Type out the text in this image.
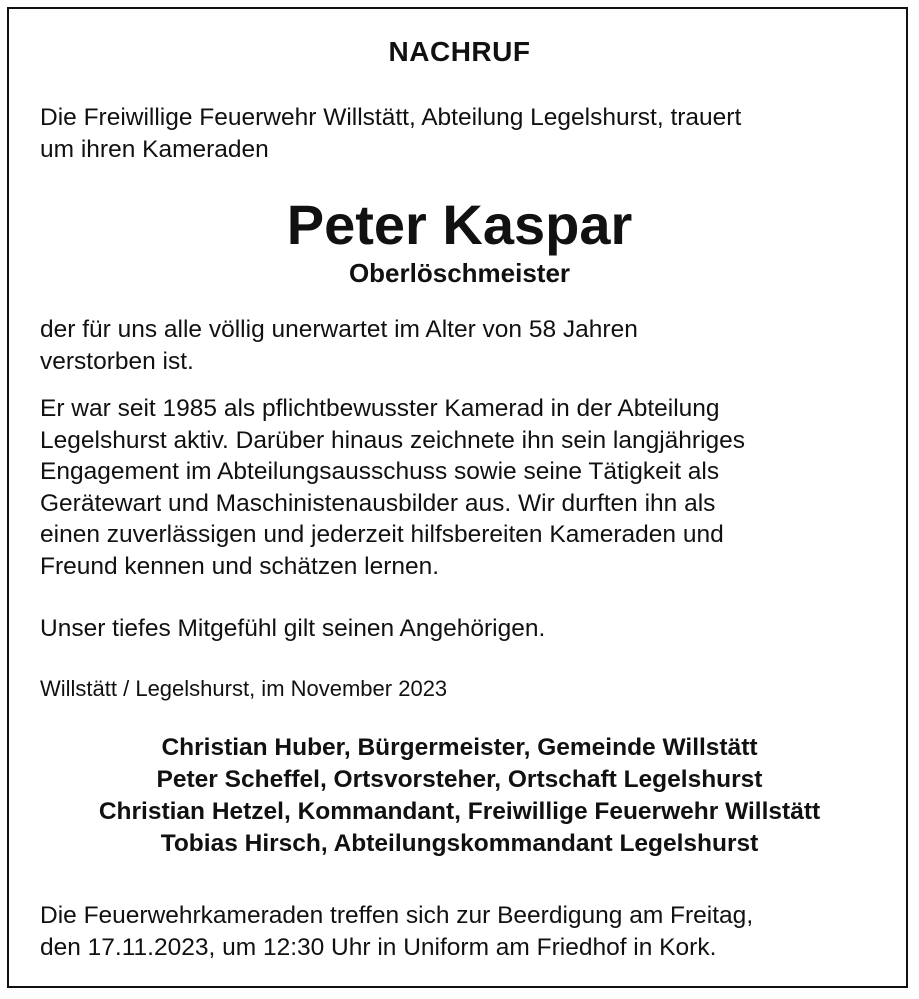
NACHRUF
Die Freiwillige Feuerwehr Willstätt, Abteilung Legelshurst, trauert
um ihren Kameraden
Peter Kaspar
Oberlöschmeister
der für uns alle völlig unerwartet im Alter von 58 Jahren
verstorben ist.
Er war seit 1985 als pflichtbewusster Kamerad in der Abteilung
Legelshurst aktiv. Darüber hinaus zeichnete ihn sein langjähriges
Engagement im Abteilungsausschuss sowie seine Tätigkeit als
Gerätewart und Maschinistenausbilder aus. Wir durften ihn als
einen zuverlässigen und jederzeit hilfsbereiten Kameraden und
Freund kennen und schätzen lernen.
Unser tiefes Mitgefühl gilt seinen Angehörigen.
Willstätt / Legelshurst, im November 2023
Christian Huber, Bürgermeister, Gemeinde Willstätt
Peter Scheffel, Ortsvorsteher, Ortschaft Legelshurst
Christian Hetzel, Kommandant, Freiwillige Feuerwehr Willstätt
Tobias Hirsch, Abteilungskommandant Legelshurst
Die Feuerwehrkameraden treffen sich zur Beerdigung am Freitag,
den 17.11.2023, um 12:30 Uhr in Uniform am Friedhof in Kork.
